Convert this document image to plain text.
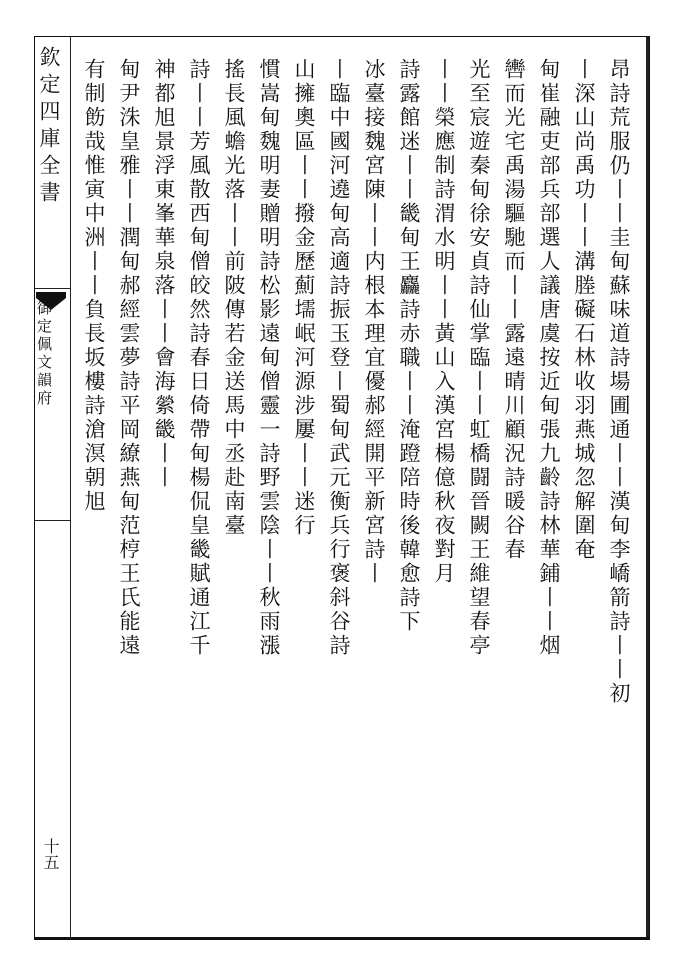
欽定四庫全書
御定佩文韻府
十五
昂詩荒服仍丨丨圭甸蘇味道詩場圃通丨丨漢甸李嶠箭詩丨丨初
丨深山尚禹功丨丨溝塍礙石林收羽燕城忽解圍奄
甸崔融吏部兵部選人議唐虞按近甸張九齡詩林華鋪丨丨烟
轡而光宅禹湯驅馳而丨丨露遠晴川顧況詩暖谷春
光至宸遊秦甸徐安貞詩仙掌臨丨丨虹橋闘晉闕王維望春亭
丨丨榮應制詩渭水明丨丨黃山入漢宮楊億秋夜對月
詩露館迷丨丨畿甸王麤詩赤職丨丨淹蹬陪時後韓愈詩下
冰臺接魏宮陳丨丨内根本理宜優郝經開平新宮詩丨
丨臨中國河遶甸高適詩振玉登丨蜀甸武元衡兵行褒斜谷詩
山擁奧區丨丨撥金歷薊壖岷河源涉屢丨丨迷行
慣嵩甸魏明妻贈明詩松影遠甸僧靈一詩野雲陰丨丨秋雨漲
搖長風蟾光落丨丨前陂傳若金送馬中丞赴南臺
詩丨丨芳風散西甸僧皎然詩春日倚帶甸楊侃皇畿賦通江千
神都旭景浮東峯華泉落丨丨會海縈畿丨丨
甸尹洙皇雅丨丨潤甸郝經雲夢詩平岡繚燕甸范梈王氏能遠
有制飭哉惟寅中洲丨丨負長坂樓詩滄溟朝旭
